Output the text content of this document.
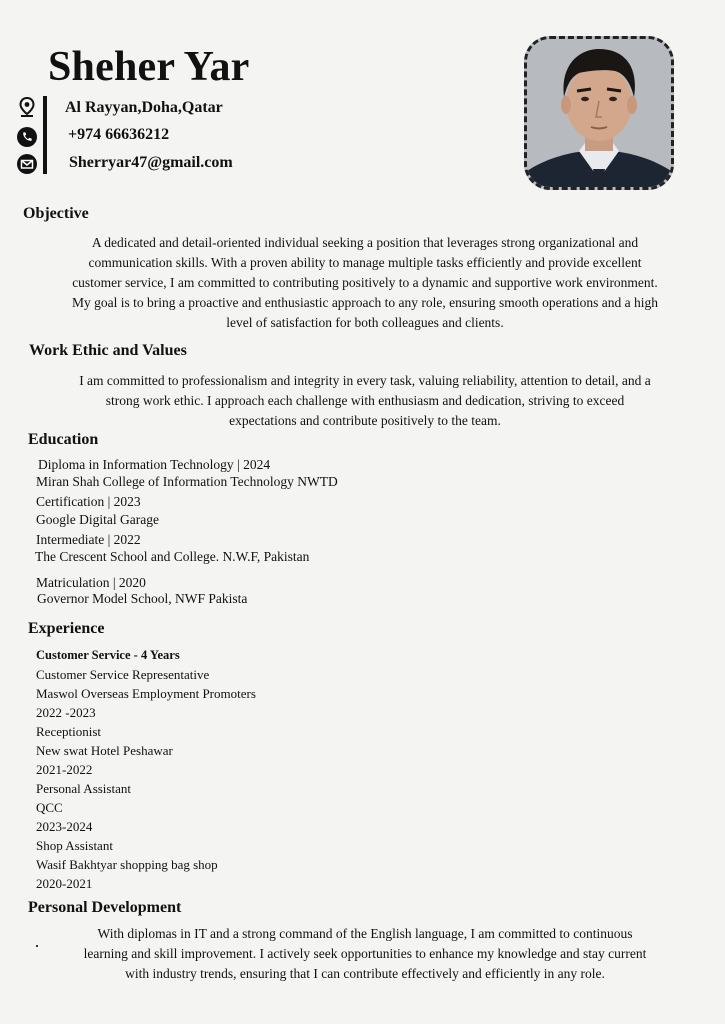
Sheher Yar
Al Rayyan,Doha,Qatar
+974 66636212
Sherryar47@gmail.com
Objective
A dedicated and detail-oriented individual seeking a position that leverages strong organizational and
communication skills. With a proven ability to manage multiple tasks efficiently and provide excellent
customer service, I am committed to contributing positively to a dynamic and supportive work environment.
My goal is to bring a proactive and enthusiastic approach to any role, ensuring smooth operations and a high
level of satisfaction for both colleagues and clients.
Work Ethic and Values
I am committed to professionalism and integrity in every task, valuing reliability, attention to detail, and a
strong work ethic. I approach each challenge with enthusiasm and dedication, striving to exceed
expectations and contribute positively to the team.
Education
Diploma in Information Technology | 2024
Miran Shah College of Information Technology NWTD
Certification | 2023
Google Digital Garage
Intermediate | 2022
The Crescent School and College. N.W.F, Pakistan
Matriculation | 2020
Governor Model School, NWF Pakista
Experience
Customer Service - 4 Years
Customer Service Representative
Maswol Overseas Employment Promoters
2022 -2023
Receptionist
New swat Hotel Peshawar
2021-2022
Personal Assistant
QCC
2023-2024
Shop Assistant
Wasif Bakhtyar shopping bag shop
2020-2021
Personal Development
With diplomas in IT and a strong command of the English language, I am committed to continuous
learning and skill improvement. I actively seek opportunities to enhance my knowledge and stay current
with industry trends, ensuring that I can contribute effectively and efficiently in any role.
